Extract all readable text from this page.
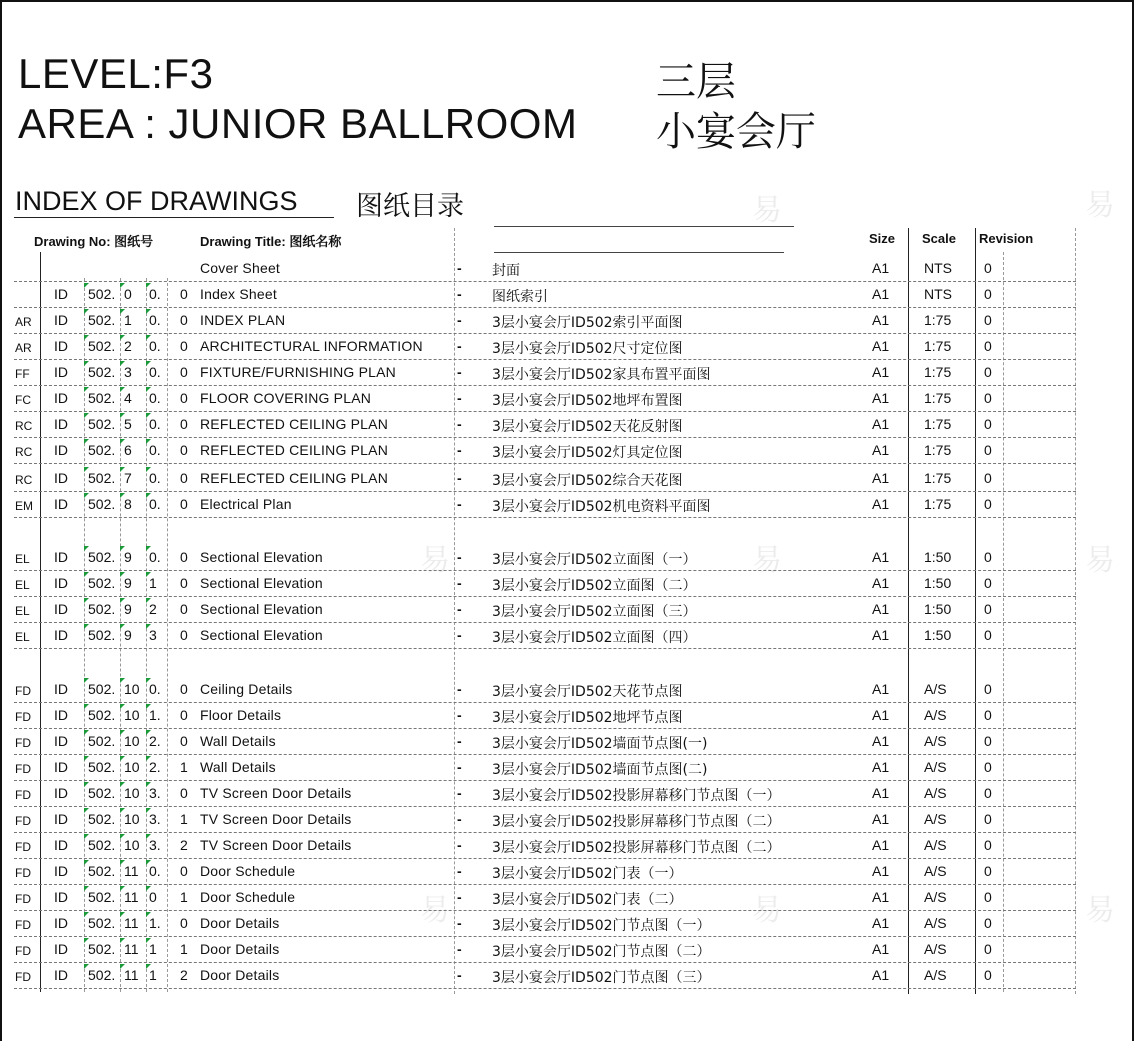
易	易
易	易	易
易	易	易
LEVEL:F3
AREA : JUNIOR BALLROOM
三层
小宴会厅
INDEX OF DRAWINGS 图纸目录
Drawing No: 图纸号	Drawing Title: 图纸名称	Size Scale Revision
Cover Sheet	- 封面	A1 NTS	0
ID 502. 0 0. 0 Index Sheet	- 图纸索引	A1 NTS	0
AR	ID 502. 1 0. 0 INDEX PLAN	- 3层小宴会厅ID502索引平面图	A1 1:75	0
AR	ID 502. 2 0. 0 ARCHITECTURAL INFORMATION	- 3层小宴会厅ID502尺寸定位图	A1 1:75	0
FF	ID 502. 3 0. 0 FIXTURE/FURNISHING PLAN	- 3层小宴会厅ID502家具布置平面图	A1 1:75	0
FC	ID 502. 4 0. 0 FLOOR COVERING PLAN	- 3层小宴会厅ID502地坪布置图	A1 1:75	0
RC	ID 502. 5 0. 0 REFLECTED CEILING PLAN	- 3层小宴会厅ID502天花反射图	A1 1:75	0
RC	ID 502. 6 0. 0 REFLECTED CEILING PLAN	- 3层小宴会厅ID502灯具定位图	A1 1:75	0
RC	ID 502. 7 0. 0 REFLECTED CEILING PLAN	- 3层小宴会厅ID502综合天花图	A1 1:75	0
EM ID 502. 8 0. 0 Electrical Plan	- 3层小宴会厅ID502机电资料平面图	A1 1:75	0
EL	ID 502. 9 0. 0 Sectional Elevation	- 3层小宴会厅ID502立面图（一）	A1 1:50	0
EL	ID 502. 9 1 0 Sectional Elevation	- 3层小宴会厅ID502立面图（二）	A1 1:50	0
EL	ID 502. 9 2 0 Sectional Elevation	- 3层小宴会厅ID502立面图（三）	A1 1:50	0
EL	ID 502. 9 3 0 Sectional Elevation	- 3层小宴会厅ID502立面图（四）	A1 1:50	0
FD	ID 502. 10 0. 0 Ceiling Details	- 3层小宴会厅ID502天花节点图	A1 A/S	0
FD	ID 502. 10 1. 0 Floor Details	- 3层小宴会厅ID502地坪节点图	A1 A/S	0
FD	ID 502. 10 2. 0 Wall Details	- 3层小宴会厅ID502墙面节点图(一)	A1 A/S	0
FD	ID 502. 10 2. 1 Wall Details	- 3层小宴会厅ID502墙面节点图(二)	A1 A/S	0
FD	ID 502. 10 3. 0 TV Screen Door Details	- 3层小宴会厅ID502投影屏幕移门节点图（一）	A1 A/S	0
FD	ID 502. 10 3. 1 TV Screen Door Details	- 3层小宴会厅ID502投影屏幕移门节点图（二）	A1 A/S	0
FD	ID 502. 10 3. 2 TV Screen Door Details	- 3层小宴会厅ID502投影屏幕移门节点图（二）	A1 A/S	0
FD	ID 502. 11 0. 0 Door Schedule	- 3层小宴会厅ID502门表（一）	A1 A/S	0
FD	ID 502. 11 0 1 Door Schedule	- 3层小宴会厅ID502门表（二）	A1 A/S	0
FD	ID 502. 11 1. 0 Door Details	- 3层小宴会厅ID502门节点图（一）	A1 A/S	0
FD	ID 502. 11 1 1 Door Details	- 3层小宴会厅ID502门节点图（二）	A1 A/S	0
FD	ID 502. 11 1 2 Door Details	- 3层小宴会厅ID502门节点图（三）	A1 A/S	0
